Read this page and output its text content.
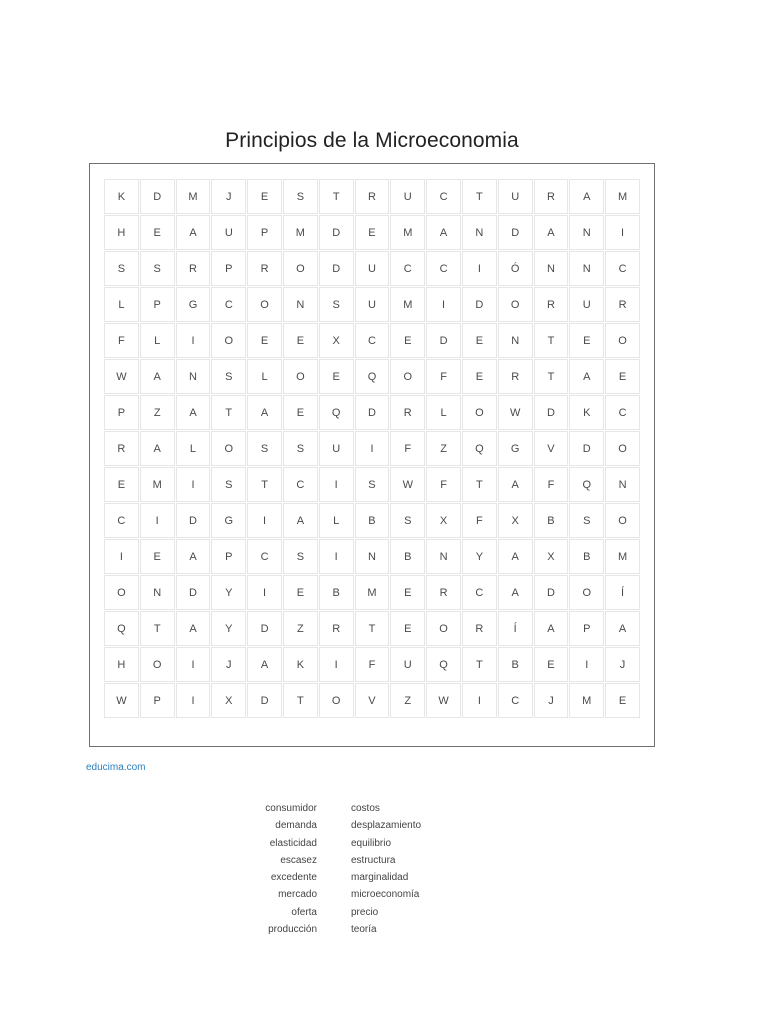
Principios de la Microeconomia
K	D	M	J	E	S	T	R	U	C	T	U	R	A	M
H	E	A	U	P	M	D	E	M	A	N	D	A	N	I
S	S	R	P	R	O	D	U	C	C	I	Ó	N	N	C
L	P	G	C	O	N	S	U	M	I	D	O	R	U	R
F	L	I	O	E	E	X	C	E	D	E	N	T	E	O
W	A	N	S	L	O	E	Q	O	F	E	R	T	A	E
P	Z	A	T	A	E	Q	D	R	L	O	W	D	K	C
R	A	L	O	S	S	U	I	F	Z	Q	G	V	D	O
E	M	I	S	T	C	I	S	W	F	T	A	F	Q	N
C	I	D	G	I	A	L	B	S	X	F	X	B	S	O
I	E	A	P	C	S	I	N	B	N	Y	A	X	B	M
O	N	D	Y	I	E	B	M	E	R	C	A	D	O	Í
Q	T	A	Y	D	Z	R	T	E	O	R	Í	A	P	A
H	O	I	J	A	K	I	F	U	Q	T	B	E	I	J
W	P	I	X	D	T	O	V	Z	W	I	C	J	M	E
educima.com
consumidor
demanda
elasticidad
escasez
excedente
mercado
oferta
producción
costos
desplazamiento
equilibrio
estructura
marginalidad
microeconomía
precio
teoría
